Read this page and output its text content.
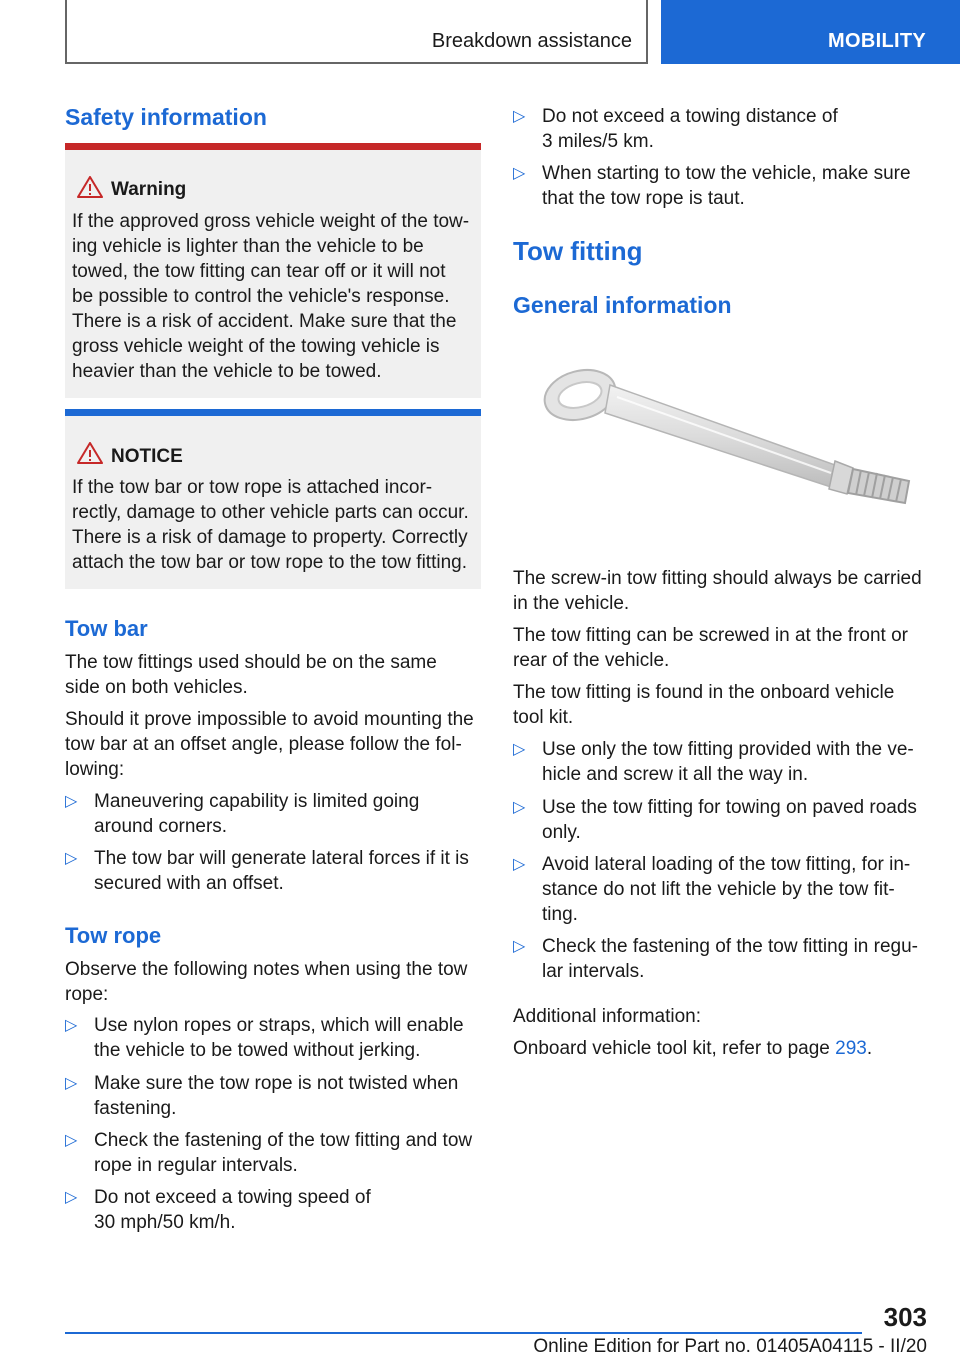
Breakdown assistance	MOBILITY
Safety information
Warning
If the approved gross vehicle weight of the tow‐
ing vehicle is lighter than the vehicle to be
towed, the tow fitting can tear off or it will not
be possible to control the vehicle's response.
There is a risk of accident. Make sure that the
gross vehicle weight of the towing vehicle is
heavier than the vehicle to be towed.
NOTICE
If the tow bar or tow rope is attached incor‐
rectly, damage to other vehicle parts can occur.
There is a risk of damage to property. Correctly
attach the tow bar or tow rope to the tow fitting.
Tow bar
The tow fittings used should be on the same
side on both vehicles.
Should it prove impossible to avoid mounting the
tow bar at an offset angle, please follow the fol‐
lowing:
▷ Maneuvering capability is limited going
around corners.
▷ The tow bar will generate lateral forces if it is
secured with an offset.
Tow rope
Observe the following notes when using the tow
rope:
▷ Use nylon ropes or straps, which will enable
the vehicle to be towed without jerking.
▷ Make sure the tow rope is not twisted when
fastening.
▷ Check the fastening of the tow fitting and tow
rope in regular intervals.
▷ Do not exceed a towing speed of
30 mph/50 km/h.
▷ Do not exceed a towing distance of
3 miles/5 km.
▷ When starting to tow the vehicle, make sure
that the tow rope is taut.
Tow fitting
General information
The screw-in tow fitting should always be carried
in the vehicle.
The tow fitting can be screwed in at the front or
rear of the vehicle.
The tow fitting is found in the onboard vehicle
tool kit.
▷ Use only the tow fitting provided with the ve‐
hicle and screw it all the way in.
▷ Use the tow fitting for towing on paved roads
only.
▷ Avoid lateral loading of the tow fitting, for in‐
stance do not lift the vehicle by the tow fit‐
ting.
▷ Check the fastening of the tow fitting in regu‐
lar intervals.
Additional information:
Onboard vehicle tool kit, refer to page 293.
303
Online Edition for Part no. 01405A04115 - II/20
